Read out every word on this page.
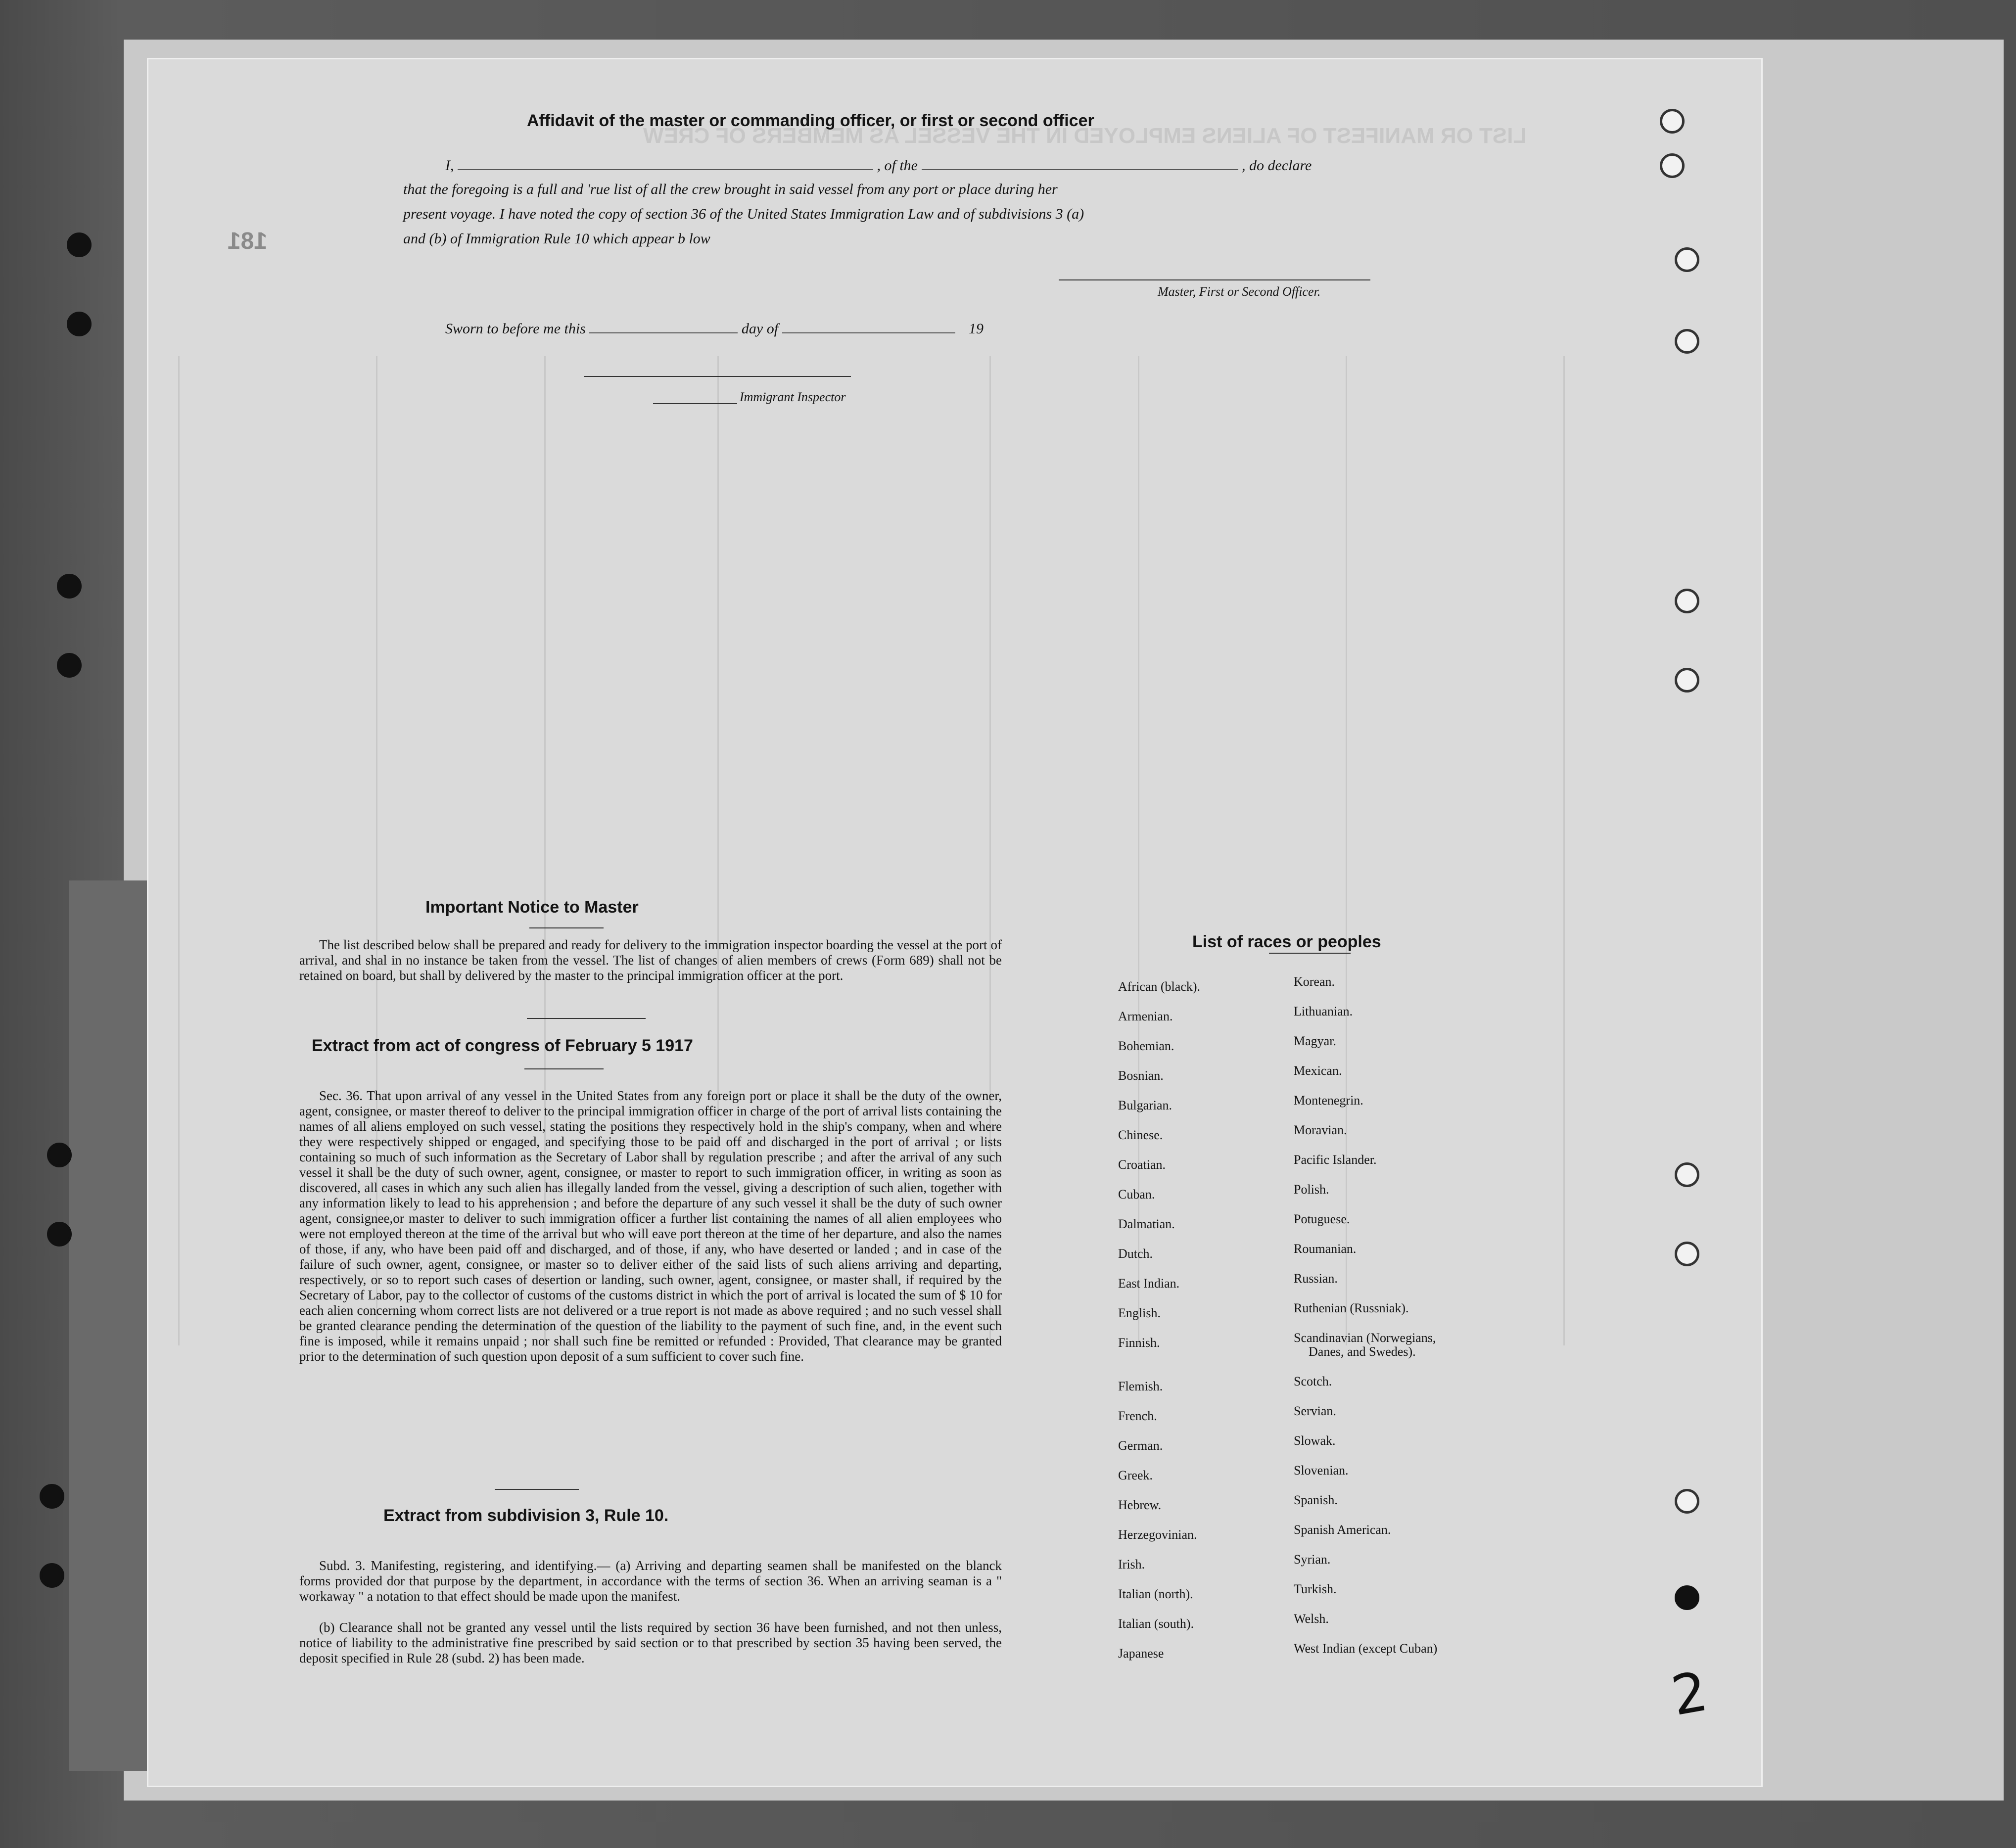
LIST OR MANIFEST OF ALIENS EMPLOYED IN THE VESSEL AS MEMBERS OF CREW
181
Affidavit of the master or commanding officer, or first or second officer
I,	, of the	, do declare
that the foregoing is a full and 'rue list of all the crew brought in said vessel from any port or place during her
present voyage. I have noted the copy of section 36 of the United States Immigration Law and of subdivisions 3 (a)
and (b) of Immigration Rule 10 which appear b low
Master, First or Second Officer.
Sworn to before me this	day of	19
Immigrant Inspector
Important Notice to Master

The list described below shall be prepared and ready for delivery to the immigration inspector boarding the vessel at the port of arrival, and shal in no instance be taken from the vessel. The list of changes of alien members of crews (Form 689) shall not be retained on board, but shall by delivered by the master to the principal immigration officer at the port.

Extract from act of congress of February 5 1917

Sec. 36. That upon arrival of any vessel in the United States from any foreign port or place it shall be the duty of the owner, agent, consignee, or master thereof to deliver to the principal immigration officer in charge of the port of arrival lists containing the names of all aliens employed on such vessel, stating the positions they respectively hold in the ship's company, when and where they were respectively shipped or engaged, and specifying those to be paid off and discharged in the port of arrival ; or lists containing so much of such information as the Secretary of Labor shall by regulation prescribe ; and after the arrival of any such vessel it shall be the duty of such owner, agent, consignee, or master to report to such immigration officer, in writing as soon as discovered, all cases in which any such alien has illegally landed from the vessel, giving a description of such alien, together with any information likely to lead to his apprehension ; and before the departure of any such vessel it shall be the duty of such owner agent, consignee,or master to deliver to such immigration officer a further list containing the names of all alien employees who were not employed thereon at the time of the arrival but who will eave port thereon at the time of her departure, and also the names of those, if any, who have been paid off and discharged, and of those, if any, who have deserted or landed ; and in case of the failure of such owner, agent, consignee, or master so to deliver either of the said lists of such aliens arriving and departing, respectively, or so to report such cases of desertion or landing, such owner, agent, consignee, or master shall, if required by the Secretary of Labor, pay to the collector of customs of the customs district in which the port of arrival is located the sum of $ 10 for each alien concerning whom correct lists are not delivered or a true report is not made as above required ; and no such vessel shall be granted clearance pending the determination of the question of the liability to the payment of such fine, and, in the event such fine is imposed, while it remains unpaid ; nor shall such fine be remitted or refunded : Provided, That clearance may be granted prior to the determination of such question upon deposit of a sum sufficient to cover such fine.

Extract from subdivision 3, Rule 10.

Subd. 3. Manifesting, registering, and identifying.— (a) Arriving and departing seamen shall be manifested on the blanck forms provided dor that purpose by the department, in accordance with the terms of section 36. When an arriving seaman is a " workaway " a notation to that effect should be made upon the manifest.

(b) Clearance shall not be granted any vessel until the lists required by section 36 have been furnished, and not then unless, notice of liability to the administrative fine prescribed by said section or to that prescribed by section 35 having been served, the deposit specified in Rule 28 (subd. 2) has been made.

List of races or peoples
African (black).
Armenian.
Bohemian.
Bosnian.
Bulgarian.
Chinese.
Croatian.
Cuban.
Dalmatian.
Dutch.
East Indian.
English.
Finnish.
Flemish.
French.
German.
Greek.
Hebrew.
Herzegovinian.
Irish.
Italian (north).
Italian (south).
Japanese
Korean.
Lithuanian.
Magyar.
Mexican.
Montenegrin.
Moravian.
Pacific Islander.
Polish.
Potuguese.
Roumanian.
Russian.
Ruthenian (Russniak).
Scandinavian (Norwegians,
Danes, and Swedes).
Scotch.
Servian.
Slowak.
Slovenian.
Spanish.
Spanish American.
Syrian.
Turkish.
Welsh.
West Indian (except Cuban)
2
